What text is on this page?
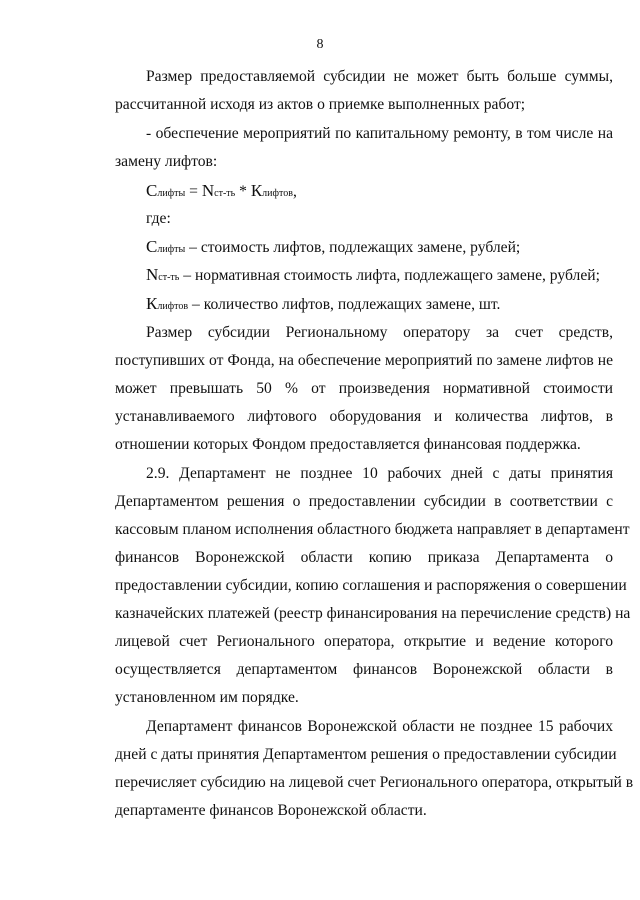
8
Размер предоставляемой субсидии не может быть больше суммы,
рассчитанной исходя из актов о приемке выполненных работ;
- обеспечение мероприятий по капитальному ремонту, в том числе на
замену лифтов:
Слифты = Nст-ть * Клифтов,
где:
Слифты – стоимость лифтов, подлежащих замене, рублей;
Nст-ть – нормативная стоимость лифта, подлежащего замене, рублей;
Клифтов – количество лифтов, подлежащих замене, шт.
Размер субсидии Региональному оператору за счет средств,
поступивших от Фонда, на обеспечение мероприятий по замене лифтов не
может превышать 50 % от произведения нормативной стоимости
устанавливаемого лифтового оборудования и количества лифтов, в
отношении которых Фондом предоставляется финансовая поддержка.
2.9. Департамент не позднее 10 рабочих дней с даты принятия
Департаментом решения о предоставлении субсидии в соответствии с
кассовым планом исполнения областного бюджета направляет в департамент
финансов Воронежской области копию приказа Департамента о
предоставлении субсидии, копию соглашения и распоряжения о совершении
казначейских платежей (реестр финансирования на перечисление средств) на
лицевой счет Регионального оператора, открытие и ведение которого
осуществляется департаментом финансов Воронежской области в
установленном им порядке.
Департамент финансов Воронежской области не позднее 15 рабочих
дней с даты принятия Департаментом решения о предоставлении субсидии
перечисляет субсидию на лицевой счет Регионального оператора, открытый в
департаменте финансов Воронежской области.
